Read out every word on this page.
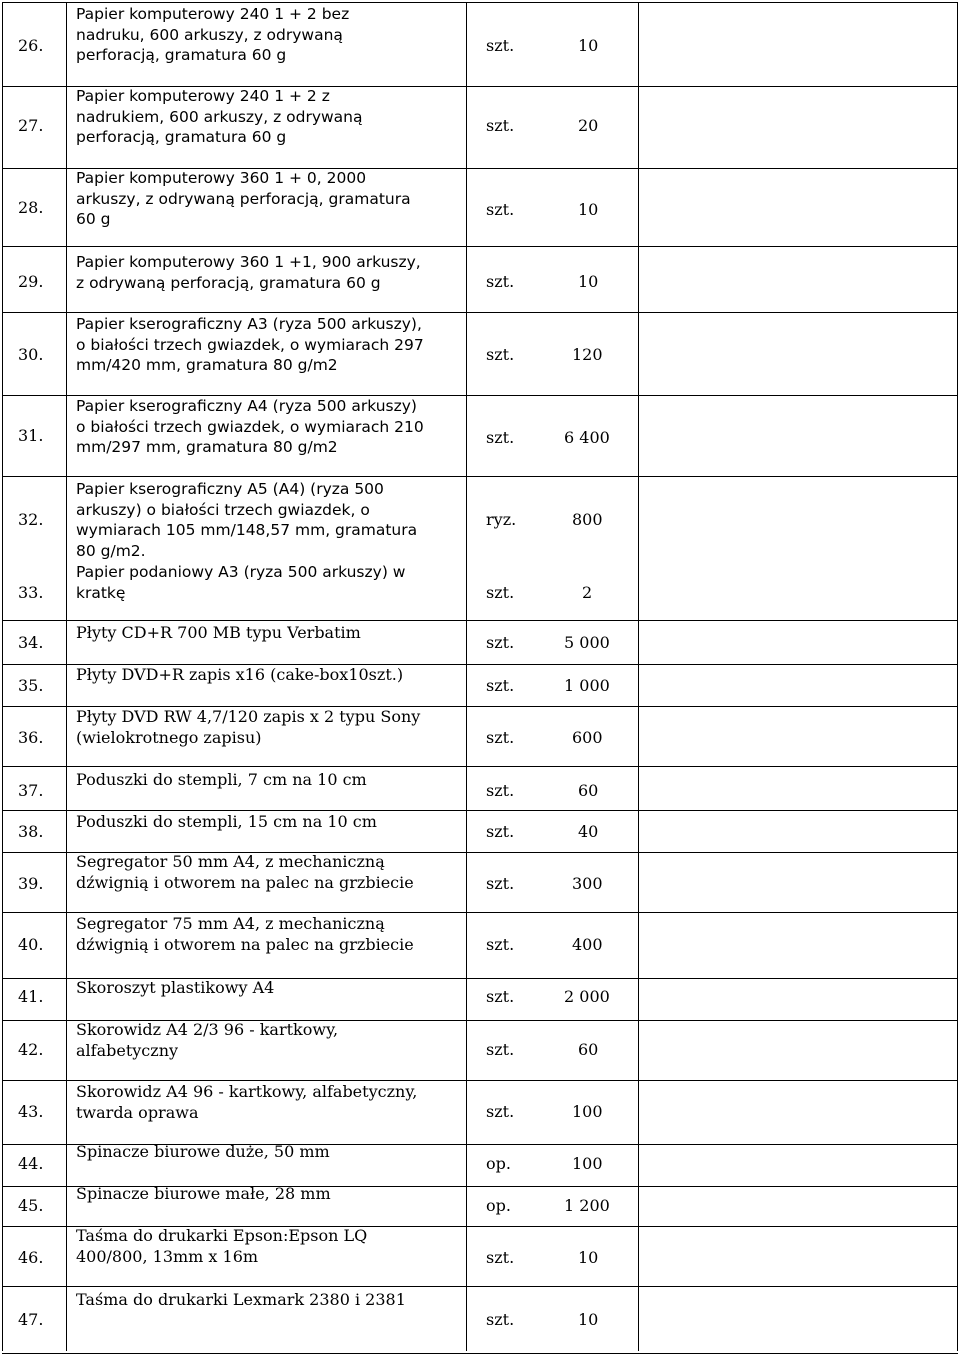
26.
Papier komputerowy 240 1 + 2 bez
nadruku, 600 arkuszy, z odrywaną
perforacją, gramatura 60 g	szt.	10
27.
Papier komputerowy 240 1 + 2 z
nadrukiem, 600 arkuszy, z odrywaną
perforacją, gramatura 60 g
szt.	20
28.
Papier komputerowy 360 1 + 0, 2000
arkuszy, z odrywaną perforacją, gramatura
60 g	szt.	10
29.
Papier komputerowy 360 1 +1, 900 arkuszy,
z odrywaną perforacją, gramatura 60 g	szt.	10
30.
Papier kserograficzny A3 (ryza 500 arkuszy),
o białości trzech gwiazdek, o wymiarach 297
mm/420 mm, gramatura 80 g/m2
szt.	120
31.
Papier kserograficzny A4 (ryza 500 arkuszy)
o białości trzech gwiazdek, o wymiarach 210
mm/297 mm, gramatura 80 g/m2	szt.	6 400
32.
Papier kserograficzny A5 (A4) (ryza 500
arkuszy) o białości trzech gwiazdek, o
wymiarach 105 mm/148,57 mm, gramatura
80 g/m2.
ryz.	800
33.
Papier podaniowy A3 (ryza 500 arkuszy) w
kratkę	szt.	2
34.
Płyty CD+R 700 MB typu Verbatim
szt.	5 000
35.
Płyty DVD+R zapis x16 (cake-box10szt.)
szt.	1 000
36.
Płyty DVD RW 4,7/120 zapis x 2 typu Sony
(wielokrotnego zapisu)	szt.	600
37.
Poduszki do stempli, 7 cm na 10 cm
szt.	60
38.
Poduszki do stempli, 15 cm na 10 cm
szt.	40
39.
Segregator 50 mm A4, z mechaniczną
dźwignią i otworem na palec na grzbiecie	szt.	300
40.
Segregator 75 mm A4, z mechaniczną
dźwignią i otworem na palec na grzbiecie	szt.	400
41. Skoroszyt plastikowy A4	szt.	2 000
42.
Skorowidz A4 2/3 96 - kartkowy,
alfabetyczny	szt.	60
43.
Skorowidz A4 96 - kartkowy, alfabetyczny,
twarda oprawa	szt.	100
44.
Spinacze biurowe duże, 50 mm
op.	100
45.
Spinacze biurowe małe, 28 mm
op.	1 200
46.
Taśma do drukarki Epson:Epson LQ
400/800, 13mm x 16m	szt.	10
47.
Taśma do drukarki Lexmark 2380 i 2381
szt.	10
